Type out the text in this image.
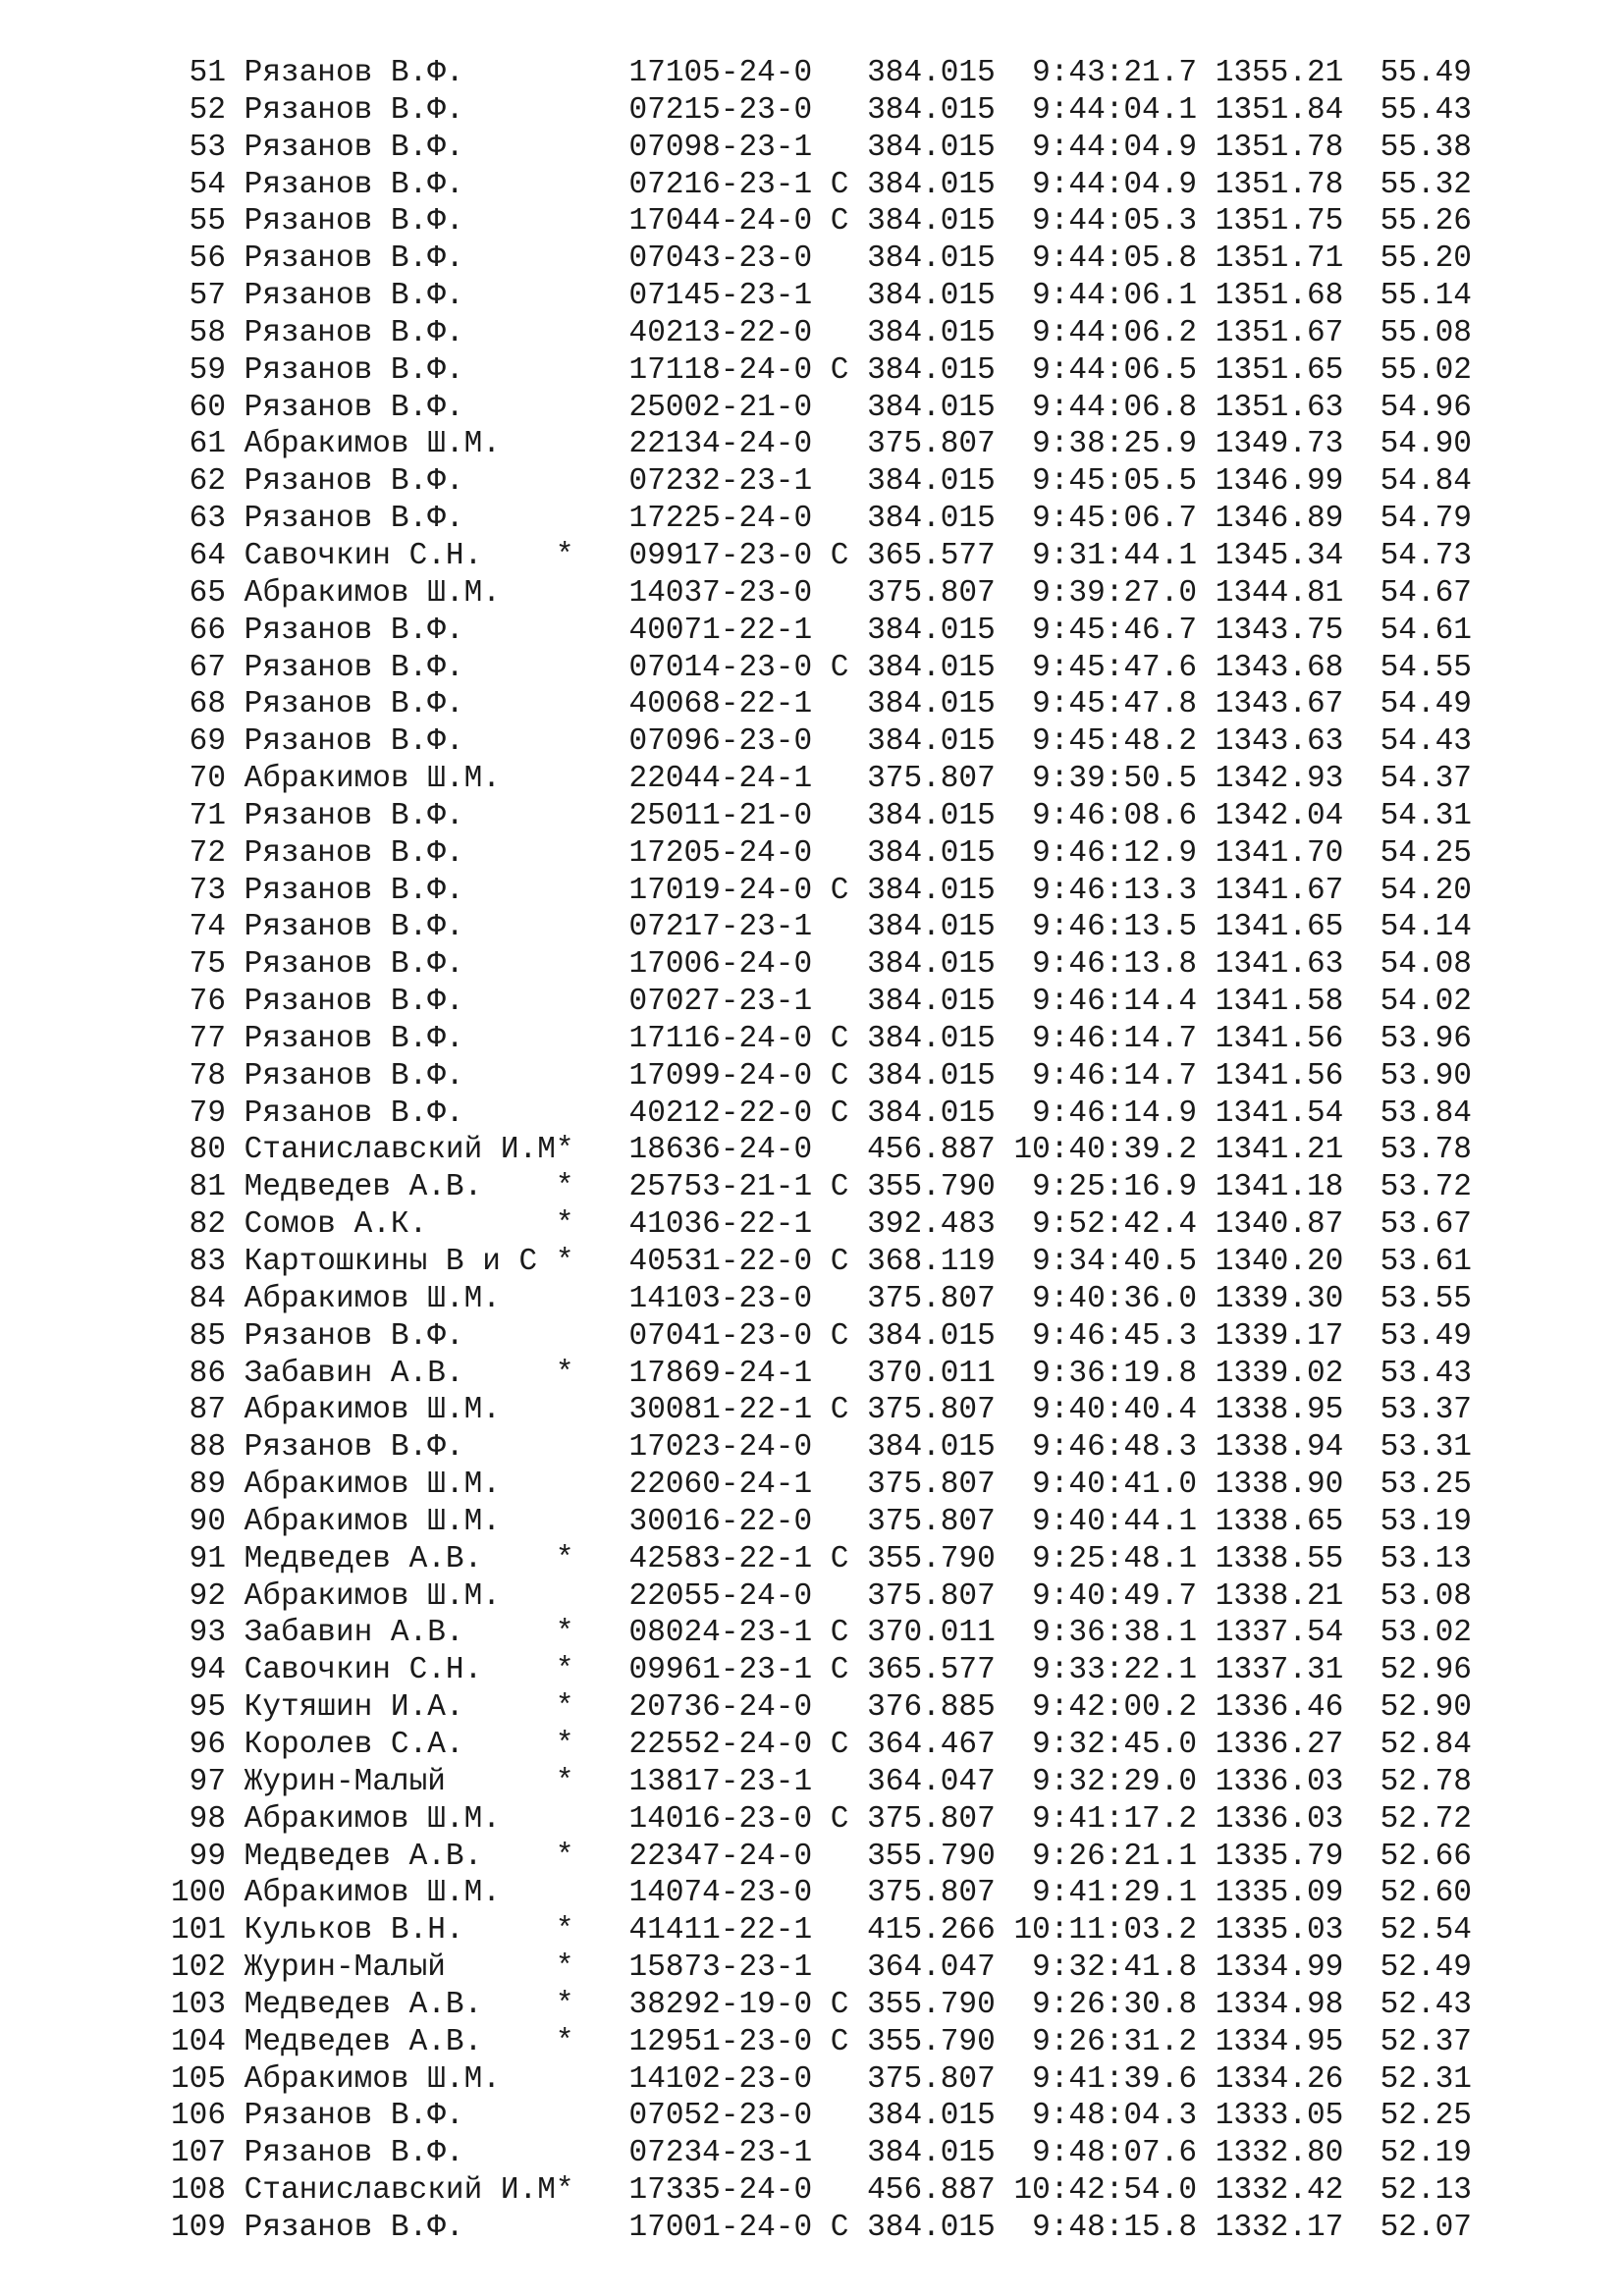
51 Рязанов В.Ф.         17105-24-0 384.015  9:43:21.7 1355.21  55.49
52 Рязанов В.Ф.         07215-23-0 384.015  9:44:04.1 1351.84  55.43
53 Рязанов В.Ф.         07098-23-1 384.015  9:44:04.9 1351.78  55.38
54 Рязанов В.Ф.         07216-23-1 C 384.015  9:44:04.9 1351.78  55.32
55 Рязанов В.Ф.         17044-24-0 C 384.015  9:44:05.3 1351.75  55.26
56 Рязанов В.Ф.         07043-23-0 384.015  9:44:05.8 1351.71  55.20
57 Рязанов В.Ф.         07145-23-1 384.015  9:44:06.1 1351.68  55.14
58 Рязанов В.Ф.         40213-22-0 384.015  9:44:06.2 1351.67  55.08
59 Рязанов В.Ф.         17118-24-0 C 384.015  9:44:06.5 1351.65  55.02
60 Рязанов В.Ф.         25002-21-0 384.015  9:44:06.8 1351.63  54.96
61 Абракимов Ш.М.       22134-24-0 375.807  9:38:25.9 1349.73  54.90
62 Рязанов В.Ф.         07232-23-1 384.015  9:45:05.5 1346.99  54.84
63 Рязанов В.Ф.         17225-24-0 384.015  9:45:06.7 1346.89  54.79
64 Савочкин С.Н.    * 09917-23-0 C 365.577  9:31:44.1 1345.34  54.73
65 Абракимов Ш.М.       14037-23-0 375.807  9:39:27.0 1344.81  54.67
66 Рязанов В.Ф.         40071-22-1 384.015  9:45:46.7 1343.75  54.61
67 Рязанов В.Ф.         07014-23-0 C 384.015  9:45:47.6 1343.68  54.55
68 Рязанов В.Ф.         40068-22-1 384.015  9:45:47.8 1343.67  54.49
69 Рязанов В.Ф.         07096-23-0 384.015  9:45:48.2 1343.63  54.43
70 Абракимов Ш.М.       22044-24-1 375.807  9:39:50.5 1342.93  54.37
71 Рязанов В.Ф.         25011-21-0 384.015  9:46:08.6 1342.04  54.31
72 Рязанов В.Ф.         17205-24-0 384.015  9:46:12.9 1341.70  54.25
73 Рязанов В.Ф.         17019-24-0 C 384.015  9:46:13.3 1341.67  54.20
74 Рязанов В.Ф.         07217-23-1 384.015  9:46:13.5 1341.65  54.14
75 Рязанов В.Ф.         17006-24-0 384.015  9:46:13.8 1341.63  54.08
76 Рязанов В.Ф.         07027-23-1 384.015  9:46:14.4 1341.58  54.02
77 Рязанов В.Ф.         17116-24-0 C 384.015  9:46:14.7 1341.56  53.96
78 Рязанов В.Ф.         17099-24-0 C 384.015  9:46:14.7 1341.56  53.90
79 Рязанов В.Ф.         40212-22-0 C 384.015  9:46:14.9 1341.54  53.84
80 Станиславский И.М* 18636-24-0 456.887 10:40:39.2 1341.21  53.78
81 Медведев А.В.    * 25753-21-1 C 355.790  9:25:16.9 1341.18  53.72
82 Сомов А.К.       * 41036-22-1 392.483  9:52:42.4 1340.87  53.67
83 Картошкины В и С * 40531-22-0 C 368.119  9:34:40.5 1340.20  53.61
84 Абракимов Ш.М.       14103-23-0 375.807  9:40:36.0 1339.30  53.55
85 Рязанов В.Ф.         07041-23-0 C 384.015  9:46:45.3 1339.17  53.49
86 Забавин А.В.     * 17869-24-1 370.011  9:36:19.8 1339.02  53.43
87 Абракимов Ш.М.       30081-22-1 C 375.807  9:40:40.4 1338.95  53.37
88 Рязанов В.Ф.         17023-24-0 384.015  9:46:48.3 1338.94  53.31
89 Абракимов Ш.М.       22060-24-1 375.807  9:40:41.0 1338.90  53.25
90 Абракимов Ш.М.       30016-22-0 375.807  9:40:44.1 1338.65  53.19
91 Медведев А.В.    * 42583-22-1 C 355.790  9:25:48.1 1338.55  53.13
92 Абракимов Ш.М.       22055-24-0 375.807  9:40:49.7 1338.21  53.08
93 Забавин А.В.     * 08024-23-1 C 370.011  9:36:38.1 1337.54  53.02
94 Савочкин С.Н.    * 09961-23-1 C 365.577  9:33:22.1 1337.31  52.96
95 Кутяшин И.А.     * 20736-24-0 376.885  9:42:00.2 1336.46  52.90
96 Королев С.А.     * 22552-24-0 C 364.467  9:32:45.0 1336.27  52.84
97 Журин-Малый      * 13817-23-1 364.047  9:32:29.0 1336.03  52.78
98 Абракимов Ш.М.       14016-23-0 C 375.807  9:41:17.2 1336.03  52.72
99 Медведев А.В.    * 22347-24-0 355.790  9:26:21.1 1335.79  52.66
100 Абракимов Ш.М.       14074-23-0 375.807  9:41:29.1 1335.09  52.60
101 Кульков В.Н.     * 41411-22-1 415.266 10:11:03.2 1335.03  52.54
102 Журин-Малый      * 15873-23-1 364.047  9:32:41.8 1334.99  52.49
103 Медведев А.В.    * 38292-19-0 C 355.790  9:26:30.8 1334.98  52.43
104 Медведев А.В.    * 12951-23-0 C 355.790  9:26:31.2 1334.95  52.37
105 Абракимов Ш.М.       14102-23-0 375.807  9:41:39.6 1334.26  52.31
106 Рязанов В.Ф.         07052-23-0 384.015  9:48:04.3 1333.05  52.25
107 Рязанов В.Ф.         07234-23-1 384.015  9:48:07.6 1332.80  52.19
108 Станиславский И.М* 17335-24-0 456.887 10:42:54.0 1332.42  52.13
109 Рязанов В.Ф.         17001-24-0 C 384.015  9:48:15.8 1332.17  52.07
